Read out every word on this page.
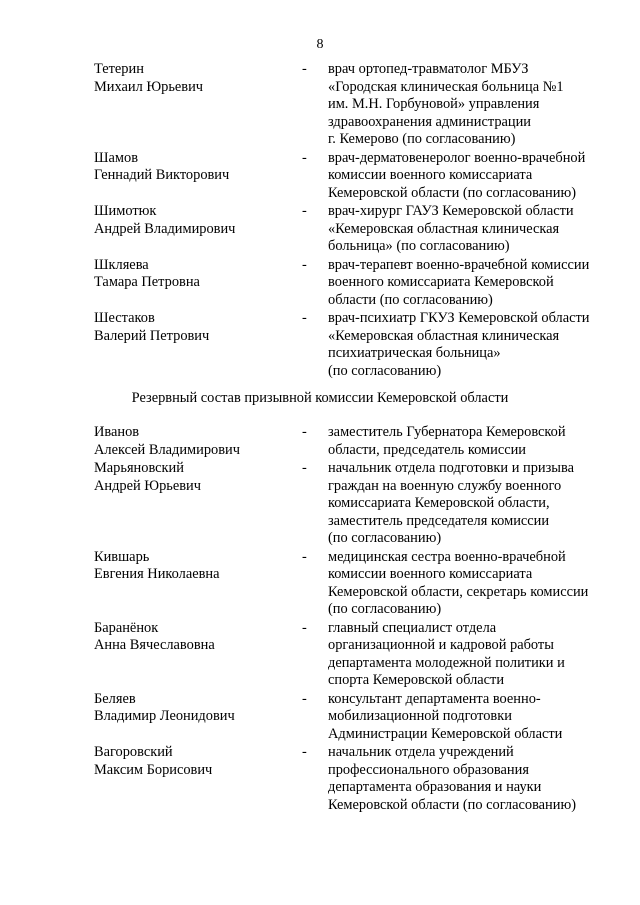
8
Тетерин
Михаил Юрьевич
- врач ортопед-травматолог МБУЗ
«Городская клиническая больница №1
им. М.Н. Горбуновой» управления
здравоохранения администрации
г. Кемерово (по согласованию)
Шамов
Геннадий Викторович
- врач-дерматовенеролог военно-врачебной
комиссии военного комиссариата
Кемеровской области (по согласованию)
Шимотюк
Андрей Владимирович
- врач-хирург ГАУЗ Кемеровской области
«Кемеровская областная клиническая
больница» (по согласованию)
Шкляева
Тамара Петровна
- врач-терапевт военно-врачебной комиссии
военного комиссариата Кемеровской
области (по согласованию)
Шестаков
Валерий Петрович
- врач-психиатр ГКУЗ Кемеровской области
«Кемеровская областная клиническая
психиатрическая больница»
(по согласованию)
Резервный состав призывной комиссии Кемеровской области
Иванов
Алексей Владимирович
- заместитель Губернатора Кемеровской
области, председатель комиссии
Марьяновский
Андрей Юрьевич
- начальник отдела подготовки и призыва
граждан на военную службу военного
комиссариата Кемеровской области,
заместитель председателя комиссии
(по согласованию)
Кившарь
Евгения Николаевна
- медицинская сестра военно-врачебной
комиссии военного комиссариата
Кемеровской области, секретарь комиссии
(по согласованию)
Баранёнок
Анна Вячеславовна
- главный специалист отдела
организационной и кадровой работы
департамента молодежной политики и
спорта Кемеровской области
Беляев
Владимир Леонидович
- консультант департамента военно-
мобилизационной подготовки
Администрации Кемеровской области
Вагоровский
Максим Борисович
- начальник отдела учреждений
профессионального образования
департамента образования и науки
Кемеровской области (по согласованию)
